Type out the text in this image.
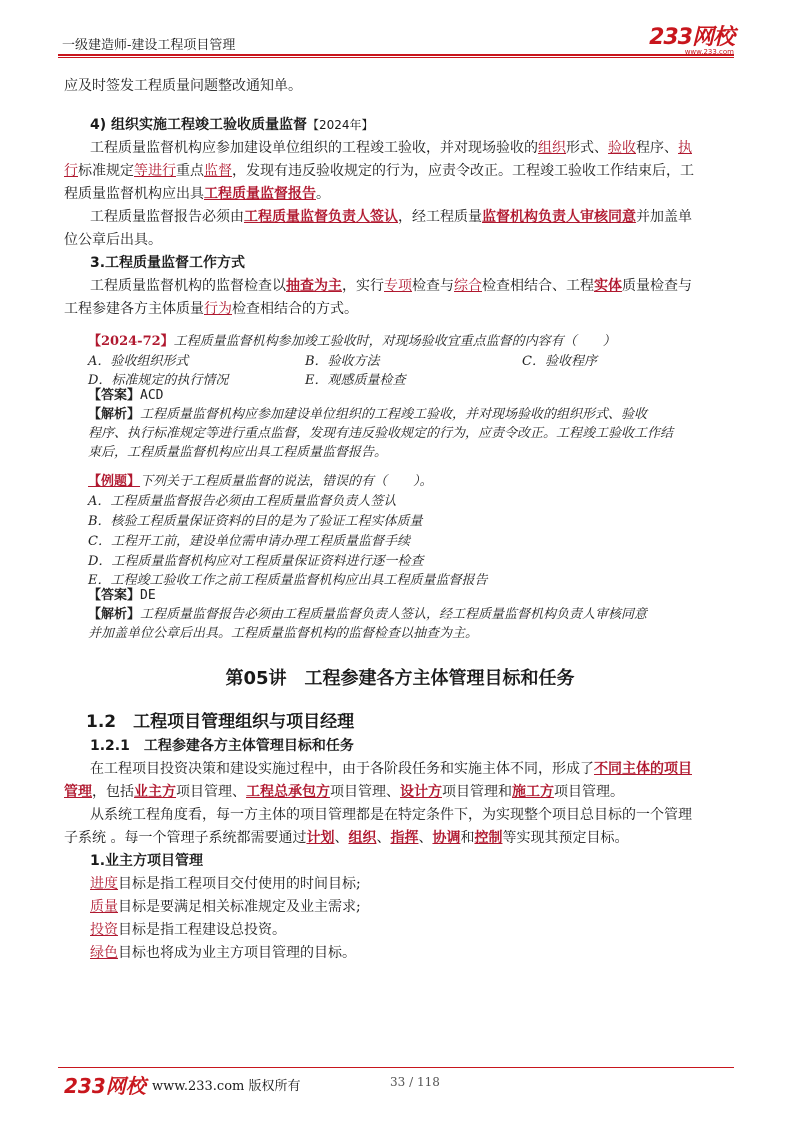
一级建造师-建设工程项目管理	233网校
www.233.com
应及时签发工程质量问题整改通知单。
4) 组织实施工程竣工验收质量监督【2024年】
工程质量监督机构应参加建设单位组织的工程竣工验收，并对现场验收的组织形式、验收程序、执
行标准规定等进行重点监督，发现有违反验收规定的行为，应责令改正。工程竣工验收工作结束后，工
程质量监督机构应出具工程质量监督报告。
工程质量监督报告必须由工程质量监督负责人签认，经工程质量监督机构负责人审核同意并加盖单
位公章后出具。
3.工程质量监督工作方式
工程质量监督机构的监督检查以抽查为主，实行专项检查与综合检查相结合、工程实体质量检查与
工程参建各方主体质量行为检查相结合的方式。
【2024-72】工程质量监督机构参加竣工验收时，对现场验收宜重点监督的内容有（　　）
A．验收组织形式	B．验收方法	C．验收程序
D．标准规定的执行情况	E．观感质量检查
【答案】ACD
【解析】工程质量监督机构应参加建设单位组织的工程竣工验收，并对现场验收的组织形式、验收
程序、执行标准规定等进行重点监督，发现有违反验收规定的行为，应责令改正。工程竣工验收工作结
束后，工程质量监督机构应出具工程质量监督报告。
【例题】下列关于工程质量监督的说法，错误的有（　　）。
A．工程质量监督报告必须由工程质量监督负责人签认
B．核验工程质量保证资料的目的是为了验证工程实体质量
C．工程开工前，建设单位需申请办理工程质量监督手续
D．工程质量监督机构应对工程质量保证资料进行逐一检查
E．工程竣工验收工作之前工程质量监督机构应出具工程质量监督报告
【答案】DE
【解析】工程质量监督报告必须由工程质量监督负责人签认，经工程质量监督机构负责人审核同意
并加盖单位公章后出具。工程质量监督机构的监督检查以抽查为主。
第05讲　工程参建各方主体管理目标和任务
1.2　工程项目管理组织与项目经理
1.2.1　工程参建各方主体管理目标和任务
在工程项目投资决策和建设实施过程中，由于各阶段任务和实施主体不同，形成了不同主体的项目
管理，包括业主方项目管理、工程总承包方项目管理、设计方项目管理和施工方项目管理。
从系统工程角度看，每一方主体的项目管理都是在特定条件下，为实现整个项目总目标的一个管理
子系统 。每一个管理子系统都需要通过计划、组织、指挥、协调和控制等实现其预定目标。
1.业主方项目管理
进度目标是指工程项目交付使用的时间目标;
质量目标是要满足相关标准规定及业主需求;
投资目标是指工程建设总投资。
绿色目标也将成为业主方项目管理的目标。
233网校 www.233.com 版权所有	33 / 118
